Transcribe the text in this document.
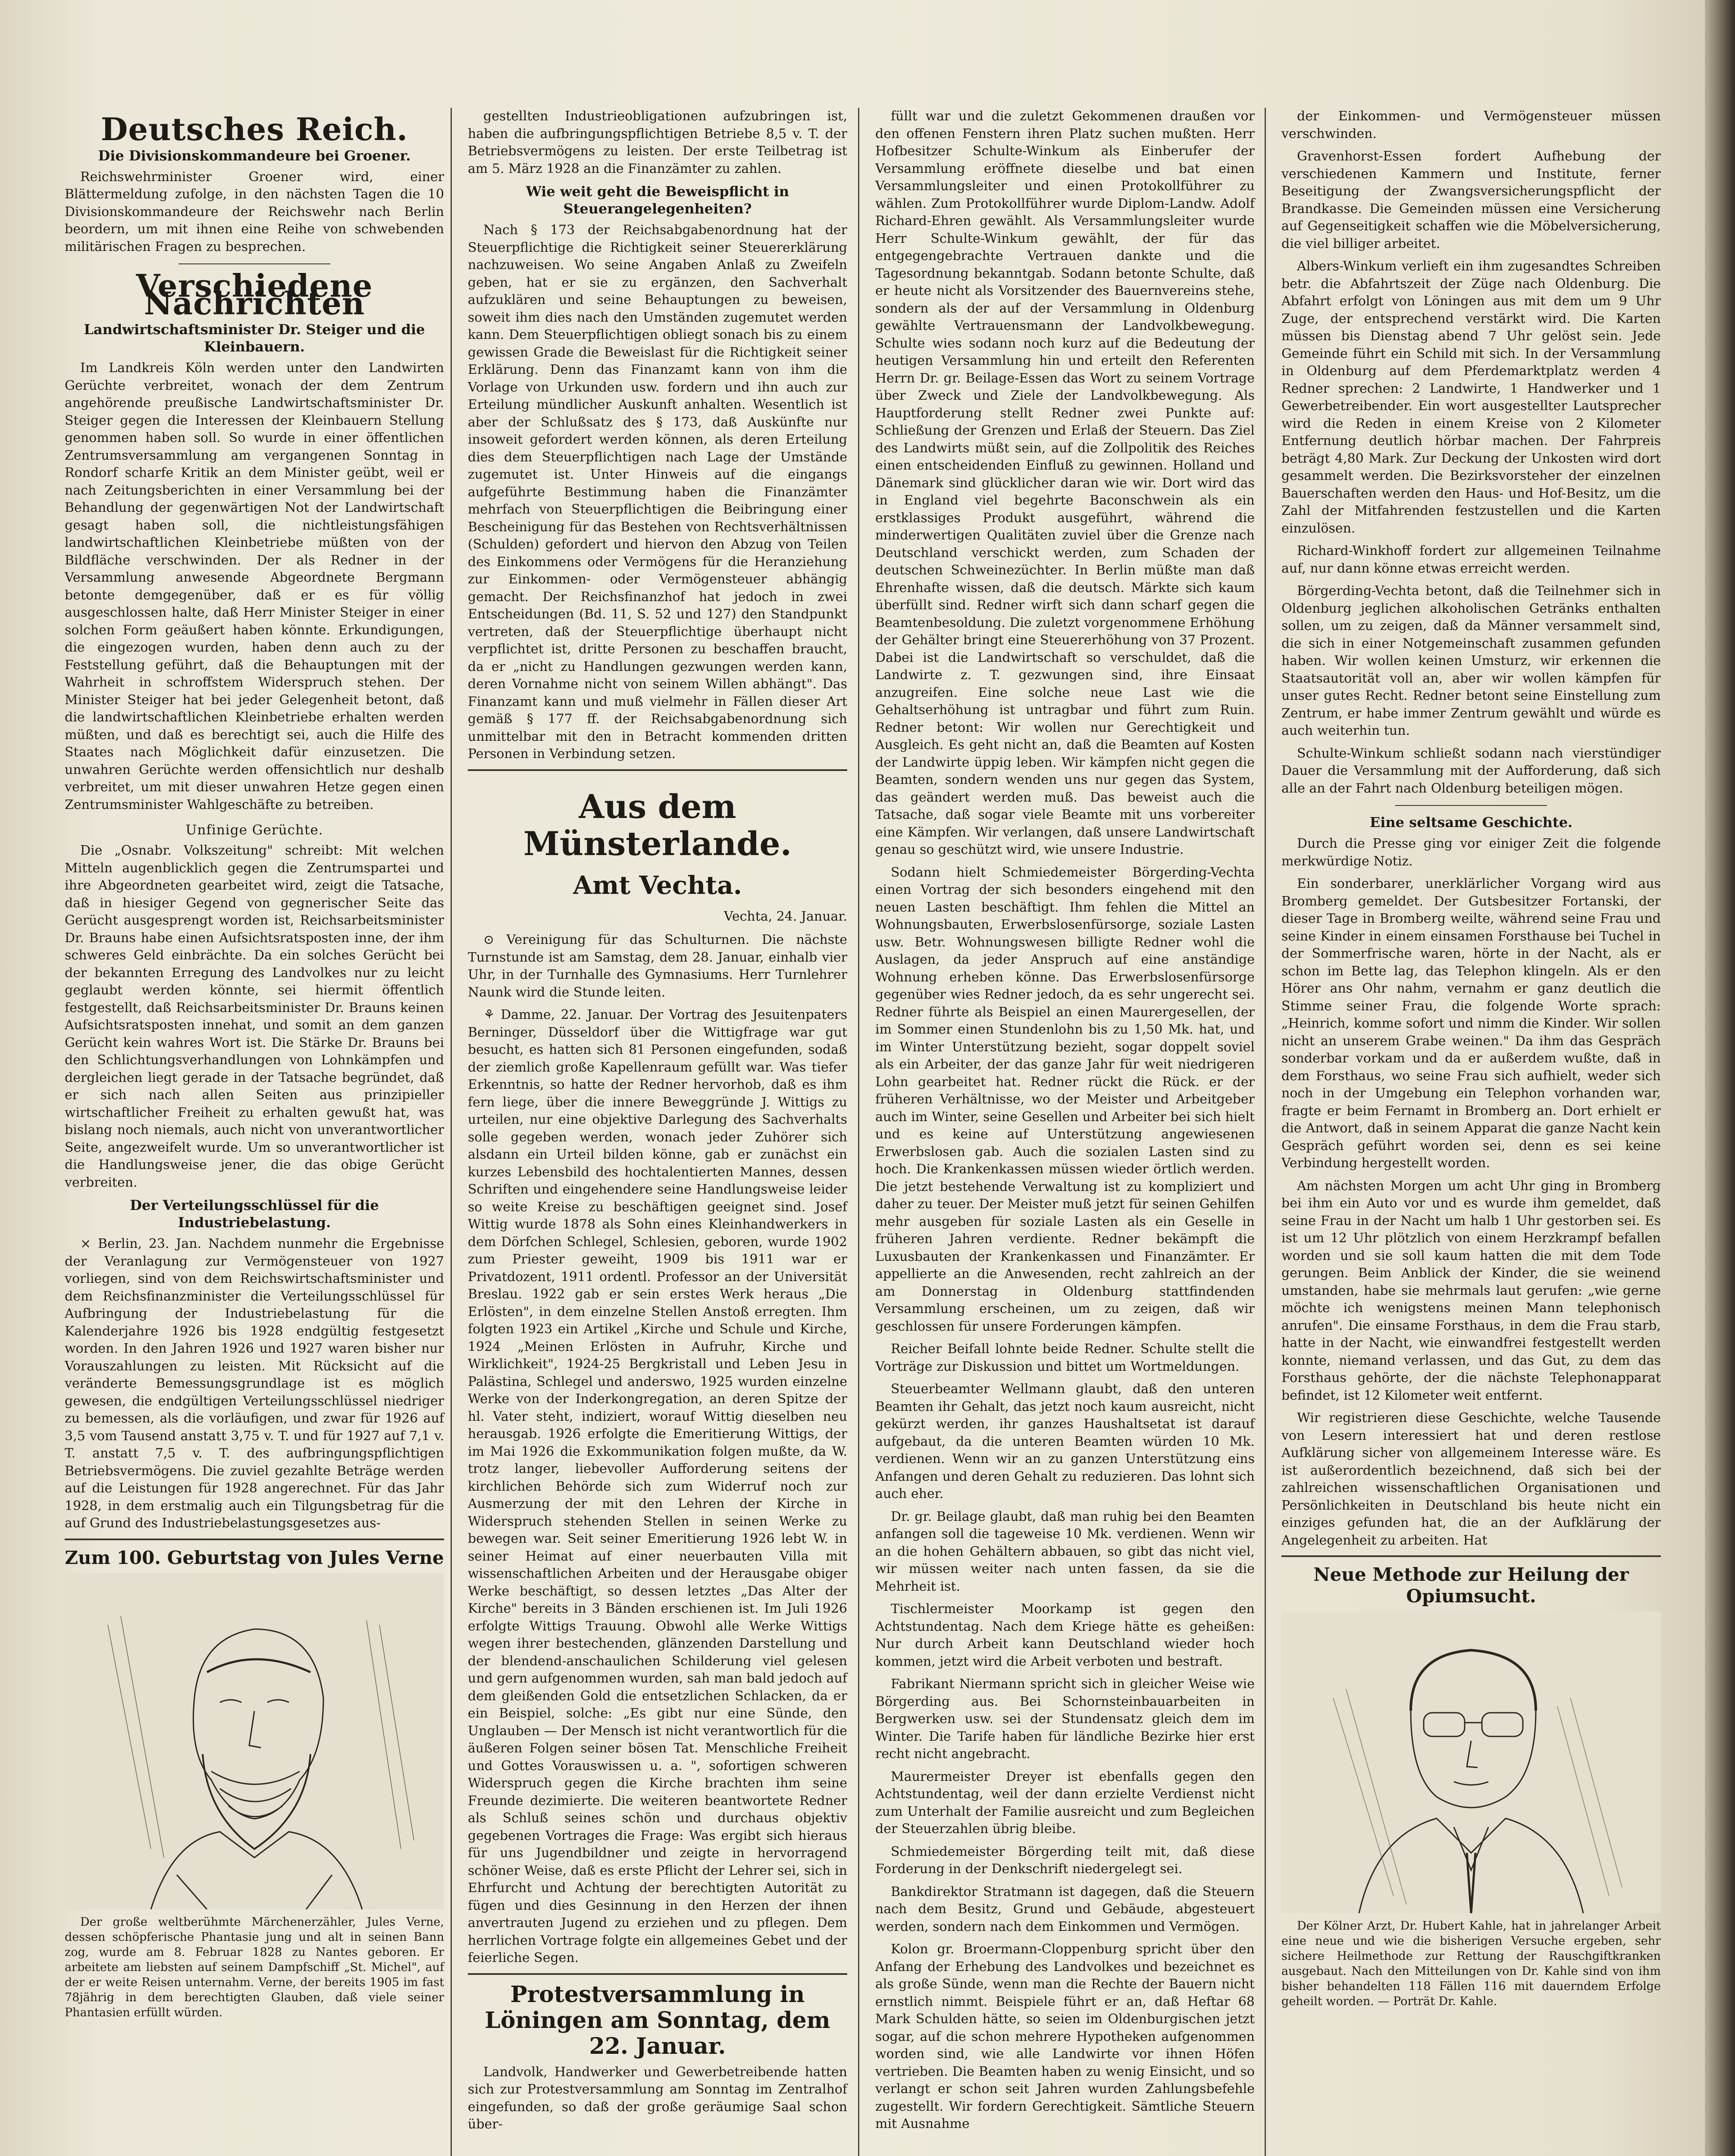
Deutsches Reich.
Die Divisionskommandeure bei Groener.

Reichswehrminister Groener wird, einer Blättermeldung zufolge, in den nächsten Tagen die 10 Divisionskommandeure der Reichswehr nach Berlin beordern, um mit ihnen eine Reihe von schwebenden militärischen Fragen zu besprechen.

Verschiedene Nachrichten
Landwirtschaftsminister Dr. Steiger und die Kleinbauern.

Im Landkreis Köln werden unter den Landwirten Gerüchte verbreitet, wonach der dem Zentrum angehörende preußische Landwirtschaftsminister Dr. Steiger gegen die Interessen der Kleinbauern Stellung genommen haben soll. So wurde in einer öffentlichen Zentrumsversammlung am vergangenen Sonntag in Rondorf scharfe Kritik an dem Minister geübt, weil er nach Zeitungsberichten in einer Versammlung bei der Behandlung der gegenwärtigen Not der Landwirtschaft gesagt haben soll, die nichtleistungsfähigen landwirtschaftlichen Kleinbetriebe müßten von der Bildfläche verschwinden. Der als Redner in der Versammlung anwesende Abgeordnete Bergmann betonte demgegenüber, daß er es für völlig ausgeschlossen halte, daß Herr Minister Steiger in einer solchen Form geäußert haben könnte. Erkundigungen, die eingezogen wurden, haben denn auch zu der Feststellung geführt, daß die Behauptungen mit der Wahrheit in schroffstem Widerspruch stehen. Der Minister Steiger hat bei jeder Gelegenheit betont, daß die landwirtschaftlichen Kleinbetriebe erhalten werden müßten, und daß es berechtigt sei, auch die Hilfe des Staates nach Möglichkeit dafür einzusetzen. Die unwahren Gerüchte werden offensichtlich nur deshalb verbreitet, um mit dieser unwahren Hetze gegen einen Zentrumsminister Wahlgeschäfte zu betreiben.

Unfinige Gerüchte.

Die „Osnabr. Volkszeitung" schreibt: Mit welchen Mitteln augenblicklich gegen die Zentrumspartei und ihre Abgeordneten gearbeitet wird, zeigt die Tatsache, daß in hiesiger Gegend von gegnerischer Seite das Gerücht ausgesprengt worden ist, Reichsarbeitsminister Dr. Brauns habe einen Aufsichtsratsposten inne, der ihm schweres Geld einbrächte. Da ein solches Gerücht bei der bekannten Erregung des Landvolkes nur zu leicht geglaubt werden könnte, sei hiermit öffentlich festgestellt, daß Reichsarbeitsminister Dr. Brauns keinen Aufsichtsratsposten innehat, und somit an dem ganzen Gerücht kein wahres Wort ist. Die Stärke Dr. Brauns bei den Schlichtungsverhandlungen von Lohnkämpfen und dergleichen liegt gerade in der Tatsache begründet, daß er sich nach allen Seiten aus prinzipieller wirtschaftlicher Freiheit zu erhalten gewußt hat, was bislang noch niemals, auch nicht von unverantwortlicher Seite, angezweifelt wurde. Um so unverantwortlicher ist die Handlungsweise jener, die das obige Gerücht verbreiten.

Der Verteilungsschlüssel für die Industriebelastung.

× Berlin, 23. Jan. Nachdem nunmehr die Ergebnisse der Veranlagung zur Vermögensteuer von 1927 vorliegen, sind von dem Reichswirtschaftsminister und dem Reichsfinanzminister die Verteilungsschlüssel für Aufbringung der Industriebelastung für die Kalenderjahre 1926 bis 1928 endgültig festgesetzt worden. In den Jahren 1926 und 1927 waren bisher nur Vorauszahlungen zu leisten. Mit Rücksicht auf die veränderte Bemessungsgrundlage ist es möglich gewesen, die endgültigen Verteilungsschlüssel niedriger zu bemessen, als die vorläufigen, und zwar für 1926 auf 3,5 vom Tausend anstatt 3,75 v. T. und für 1927 auf 7,1 v. T. anstatt 7,5 v. T. des aufbringungspflichtigen Betriebsvermögens. Die zuviel gezahlte Beträge werden auf die Leistungen für 1928 angerechnet. Für das Jahr 1928, in dem erstmalig auch ein Tilgungsbetrag für die auf Grund des Industriebelastungsgesetzes aus-

Zum 100. Geburtstag von Jules Verne

Der große weltberühmte Märchenerzähler, Jules Verne, dessen schöpferische Phantasie jung und alt in seinen Bann zog, wurde am 8. Februar 1828 zu Nantes geboren. Er arbeitete am liebsten auf seinem Dampfschiff „St. Michel", auf der er weite Reisen unternahm. Verne, der bereits 1905 im fast 78jährig in dem berechtigten Glauben, daß viele seiner Phantasien erfüllt würden.

gestellten Industrieobligationen aufzubringen ist, haben die aufbringungspflichtigen Betriebe 8,5 v. T. der Betriebsvermögens zu leisten. Der erste Teilbetrag ist am 5. März 1928 an die Finanzämter zu zahlen.

Wie weit geht die Beweispflicht in Steuerangelegenheiten?

Nach § 173 der Reichsabgabenordnung hat der Steuerpflichtige die Richtigkeit seiner Steuererklärung nachzuweisen. Wo seine Angaben Anlaß zu Zweifeln geben, hat er sie zu ergänzen, den Sachverhalt aufzuklären und seine Behauptungen zu beweisen, soweit ihm dies nach den Umständen zugemutet werden kann. Dem Steuerpflichtigen obliegt sonach bis zu einem gewissen Grade die Beweislast für die Richtigkeit seiner Erklärung. Denn das Finanzamt kann von ihm die Vorlage von Urkunden usw. fordern und ihn auch zur Erteilung mündlicher Auskunft anhalten. Wesentlich ist aber der Schlußsatz des § 173, daß Auskünfte nur insoweit gefordert werden können, als deren Erteilung dies dem Steuerpflichtigen nach Lage der Umstände zugemutet ist. Unter Hinweis auf die eingangs aufgeführte Bestimmung haben die Finanzämter mehrfach von Steuerpflichtigen die Beibringung einer Bescheinigung für das Bestehen von Rechtsverhältnissen (Schulden) gefordert und hiervon den Abzug von Teilen des Einkommens oder Vermögens für die Heranziehung zur Einkommen- oder Vermögensteuer abhängig gemacht. Der Reichsfinanzhof hat jedoch in zwei Entscheidungen (Bd. 11, S. 52 und 127) den Standpunkt vertreten, daß der Steuerpflichtige überhaupt nicht verpflichtet ist, dritte Personen zu beschaffen braucht, da er „nicht zu Handlungen gezwungen werden kann, deren Vornahme nicht von seinem Willen abhängt". Das Finanzamt kann und muß vielmehr in Fällen dieser Art gemäß § 177 ff. der Reichsabgabenordnung sich unmittelbar mit den in Betracht kommenden dritten Personen in Verbindung setzen.

Aus dem Münsterlande.
Amt Vechta.
Vechta, 24. Januar.

⊙ Vereinigung für das Schulturnen. Die nächste Turnstunde ist am Samstag, dem 28. Januar, einhalb vier Uhr, in der Turnhalle des Gymnasiums. Herr Turnlehrer Naunk wird die Stunde leiten.

⚘ Damme, 22. Januar. Der Vortrag des Jesuitenpaters Berninger, Düsseldorf über die Wittigfrage war gut besucht, es hatten sich 81 Personen eingefunden, sodaß der ziemlich große Kapellenraum gefüllt war. Was tiefer Erkenntnis, so hatte der Redner hervorhob, daß es ihm fern liege, über die innere Beweggründe J. Wittigs zu urteilen, nur eine objektive Darlegung des Sachverhalts solle gegeben werden, wonach jeder Zuhörer sich alsdann ein Urteil bilden könne, gab er zunächst ein kurzes Lebensbild des hochtalentierten Mannes, dessen Schriften und eingehendere seine Handlungsweise leider so weite Kreise zu beschäftigen geeignet sind. Josef Wittig wurde 1878 als Sohn eines Kleinhandwerkers in dem Dörfchen Schlegel, Schlesien, geboren, wurde 1902 zum Priester geweiht, 1909 bis 1911 war er Privatdozent, 1911 ordentl. Professor an der Universität Breslau. 1922 gab er sein erstes Werk heraus „Die Erlösten", in dem einzelne Stellen Anstoß erregten. Ihm folgten 1923 ein Artikel „Kirche und Schule und Kirche, 1924 „Meinen Erlösten in Aufruhr, Kirche und Wirklichkeit", 1924-25 Bergkristall und Leben Jesu in Palästina, Schlegel und anderswo, 1925 wurden einzelne Werke von der Inderkongregation, an deren Spitze der hl. Vater steht, indiziert, worauf Wittig dieselben neu herausgab. 1926 erfolgte die Emeritierung Wittigs, der im Mai 1926 die Exkommunikation folgen mußte, da W. trotz langer, liebevoller Aufforderung seitens der kirchlichen Behörde sich zum Widerruf noch zur Ausmerzung der mit den Lehren der Kirche in Widerspruch stehenden Stellen in seinen Werke zu bewegen war. Seit seiner Emeritierung 1926 lebt W. in seiner Heimat auf einer neuerbauten Villa mit wissenschaftlichen Arbeiten und der Herausgabe obiger Werke beschäftigt, so dessen letztes „Das Alter der Kirche" bereits in 3 Bänden erschienen ist. Im Juli 1926 erfolgte Wittigs Trauung. Obwohl alle Werke Wittigs wegen ihrer bestechenden, glänzenden Darstellung und der blendend-anschaulichen Schilderung viel gelesen und gern aufgenommen wurden, sah man bald jedoch auf dem gleißenden Gold die entsetzlichen Schlacken, da er ein Beispiel, solche: „Es gibt nur eine Sünde, den Unglauben — Der Mensch ist nicht verantwortlich für die äußeren Folgen seiner bösen Tat. Menschliche Freiheit und Gottes Vorauswissen u. a. ", sofortigen schweren Widerspruch gegen die Kirche brachten ihm seine Freunde dezimierte. Die weiteren beantwortete Redner als Schluß seines schön und durchaus objektiv gegebenen Vortrages die Frage: Was ergibt sich hieraus für uns Jugendbildner und zeigte in hervorragend schöner Weise, daß es erste Pflicht der Lehrer sei, sich in Ehrfurcht und Achtung der berechtigten Autorität zu fügen und dies Gesinnung in den Herzen der ihnen anvertrauten Jugend zu erziehen und zu pflegen. Dem herrlichen Vortrage folgte ein allgemeines Gebet und der feierliche Segen.

Protestversammlung in Löningen am Sonntag, dem 22. Januar.

Landvolk, Handwerker und Gewerbetreibende hatten sich zur Protestversammlung am Sonntag im Zentralhof eingefunden, so daß der große geräumige Saal schon über-

füllt war und die zuletzt Gekommenen draußen vor den offenen Fenstern ihren Platz suchen mußten. Herr Hofbesitzer Schulte-Winkum als Einberufer der Versammlung eröffnete dieselbe und bat einen Versammlungsleiter und einen Protokollführer zu wählen. Zum Protokollführer wurde Diplom-Landw. Adolf Richard-Ehren gewählt. Als Versammlungsleiter wurde Herr Schulte-Winkum gewählt, der für das entgegengebrachte Vertrauen dankte und die Tagesordnung bekanntgab. Sodann betonte Schulte, daß er heute nicht als Vorsitzender des Bauernvereins stehe, sondern als der auf der Versammlung in Oldenburg gewählte Vertrauensmann der Landvolkbewegung. Schulte wies sodann noch kurz auf die Bedeutung der heutigen Versammlung hin und erteilt den Referenten Herrn Dr. gr. Beilage-Essen das Wort zu seinem Vortrage über Zweck und Ziele der Landvolkbewegung. Als Hauptforderung stellt Redner zwei Punkte auf: Schließung der Grenzen und Erlaß der Steuern. Das Ziel des Landwirts müßt sein, auf die Zollpolitik des Reiches einen entscheidenden Einfluß zu gewinnen. Holland und Dänemark sind glücklicher daran wie wir. Dort wird das in England viel begehrte Baconschwein als ein erstklassiges Produkt ausgeführt, während die minderwertigen Qualitäten zuviel über die Grenze nach Deutschland verschickt werden, zum Schaden der deutschen Schweinezüchter. In Berlin müßte man daß Ehrenhafte wissen, daß die deutsch. Märkte sich kaum überfüllt sind. Redner wirft sich dann scharf gegen die Beamtenbesoldung. Die zuletzt vorgenommene Erhöhung der Gehälter bringt eine Steuererhöhung von 37 Prozent. Dabei ist die Landwirtschaft so verschuldet, daß die Landwirte z. T. gezwungen sind, ihre Einsaat anzugreifen. Eine solche neue Last wie die Gehaltserhöhung ist untragbar und führt zum Ruin. Redner betont: Wir wollen nur Gerechtigkeit und Ausgleich. Es geht nicht an, daß die Beamten auf Kosten der Landwirte üppig leben. Wir kämpfen nicht gegen die Beamten, sondern wenden uns nur gegen das System, das geändert werden muß. Das beweist auch die Tatsache, daß sogar viele Beamte mit uns vorbereiter eine Kämpfen. Wir verlangen, daß unsere Landwirtschaft genau so geschützt wird, wie unsere Industrie.

Sodann hielt Schmiedemeister Börgerding-Vechta einen Vortrag der sich besonders eingehend mit den neuen Lasten beschäftigt. Ihm fehlen die Mittel an Wohnungsbauten, Erwerbslosenfürsorge, soziale Lasten usw. Betr. Wohnungswesen billigte Redner wohl die Auslagen, da jeder Anspruch auf eine anständige Wohnung erheben könne. Das Erwerbslosenfürsorge gegenüber wies Redner jedoch, da es sehr ungerecht sei. Redner führte als Beispiel an einen Maurergesellen, der im Sommer einen Stundenlohn bis zu 1,50 Mk. hat, und im Winter Unterstützung bezieht, sogar doppelt soviel als ein Arbeiter, der das ganze Jahr für weit niedrigeren Lohn gearbeitet hat. Redner rückt die Rück. er der früheren Verhältnisse, wo der Meister und Arbeitgeber auch im Winter, seine Gesellen und Arbeiter bei sich hielt und es keine auf Unterstützung angewiesenen Erwerbslosen gab. Auch die sozialen Lasten sind zu hoch. Die Krankenkassen müssen wieder örtlich werden. Die jetzt bestehende Verwaltung ist zu kompliziert und daher zu teuer. Der Meister muß jetzt für seinen Gehilfen mehr ausgeben für soziale Lasten als ein Geselle in früheren Jahren verdiente. Redner bekämpft die Luxusbauten der Krankenkassen und Finanzämter. Er appellierte an die Anwesenden, recht zahlreich an der am Donnerstag in Oldenburg stattfindenden Versammlung erscheinen, um zu zeigen, daß wir geschlossen für unsere Forderungen kämpfen.

Reicher Beifall lohnte beide Redner. Schulte stellt die Vorträge zur Diskussion und bittet um Wortmeldungen.

Steuerbeamter Wellmann glaubt, daß den unteren Beamten ihr Gehalt, das jetzt noch kaum ausreicht, nicht gekürzt werden, ihr ganzes Haushaltsetat ist darauf aufgebaut, da die unteren Beamten würden 10 Mk. verdienen. Wenn wir an zu ganzen Unterstützung eins Anfangen und deren Gehalt zu reduzieren. Das lohnt sich auch eher.

Dr. gr. Beilage glaubt, daß man ruhig bei den Beamten anfangen soll die tageweise 10 Mk. verdienen. Wenn wir an die hohen Gehältern abbauen, so gibt das nicht viel, wir müssen weiter nach unten fassen, da sie die Mehrheit ist.

Tischlermeister Moorkamp ist gegen den Achtstundentag. Nach dem Kriege hätte es geheißen: Nur durch Arbeit kann Deutschland wieder hoch kommen, jetzt wird die Arbeit verboten und bestraft.

Fabrikant Niermann spricht sich in gleicher Weise wie Börgerding aus. Bei Schornsteinbauarbeiten in Bergwerken usw. sei der Stundensatz gleich dem im Winter. Die Tarife haben für ländliche Bezirke hier erst recht nicht angebracht.

Maurermeister Dreyer ist ebenfalls gegen den Achtstundentag, weil der dann erzielte Verdienst nicht zum Unterhalt der Familie ausreicht und zum Begleichen der Steuerzahlen übrig bleibe.

Schmiedemeister Börgerding teilt mit, daß diese Forderung in der Denkschrift niedergelegt sei.

Bankdirektor Stratmann ist dagegen, daß die Steuern nach dem Besitz, Grund und Gebäude, abgesteuert werden, sondern nach dem Einkommen und Vermögen.

Kolon gr. Broermann-Cloppenburg spricht über den Anfang der Erhebung des Landvolkes und bezeichnet es als große Sünde, wenn man die Rechte der Bauern nicht ernstlich nimmt. Beispiele führt er an, daß Heftar 68 Mark Schulden hätte, so seien im Oldenburgischen jetzt sogar, auf die schon mehrere Hypotheken aufgenommen worden sind, wie alle Landwirte vor ihnen Höfen vertrieben. Die Beamten haben zu wenig Einsicht, und so verlangt er schon seit Jahren wurden Zahlungsbefehle zugestellt. Wir fordern Gerechtigkeit. Sämtliche Steuern mit Ausnahme

der Einkommen- und Vermögensteuer müssen verschwinden.

Gravenhorst-Essen fordert Aufhebung der verschiedenen Kammern und Institute, ferner Beseitigung der Zwangsversicherungspflicht der Brandkasse. Die Gemeinden müssen eine Versicherung auf Gegenseitigkeit schaffen wie die Möbelversicherung, die viel billiger arbeitet.

Albers-Winkum verlieft ein ihm zugesandtes Schreiben betr. die Abfahrtszeit der Züge nach Oldenburg. Die Abfahrt erfolgt von Löningen aus mit dem um 9 Uhr Zuge, der entsprechend verstärkt wird. Die Karten müssen bis Dienstag abend 7 Uhr gelöst sein. Jede Gemeinde führt ein Schild mit sich. In der Versammlung in Oldenburg auf dem Pferdemarktplatz werden 4 Redner sprechen: 2 Landwirte, 1 Handwerker und 1 Gewerbetreibender. Ein wort ausgestellter Lautsprecher wird die Reden in einem Kreise von 2 Kilometer Entfernung deutlich hörbar machen. Der Fahrpreis beträgt 4,80 Mark. Zur Deckung der Unkosten wird dort gesammelt werden. Die Bezirksvorsteher der einzelnen Bauerschaften werden den Haus- und Hof-Besitz, um die Zahl der Mitfahrenden festzustellen und die Karten einzulösen.

Richard-Winkhoff fordert zur allgemeinen Teilnahme auf, nur dann könne etwas erreicht werden.

Börgerding-Vechta betont, daß die Teilnehmer sich in Oldenburg jeglichen alkoholischen Getränks enthalten sollen, um zu zeigen, daß da Männer versammelt sind, die sich in einer Notgemeinschaft zusammen gefunden haben. Wir wollen keinen Umsturz, wir erkennen die Staatsautorität voll an, aber wir wollen kämpfen für unser gutes Recht. Redner betont seine Einstellung zum Zentrum, er habe immer Zentrum gewählt und würde es auch weiterhin tun.

Schulte-Winkum schließt sodann nach vierstündiger Dauer die Versammlung mit der Aufforderung, daß sich alle an der Fahrt nach Oldenburg beteiligen mögen.

Eine seltsame Geschichte.

Durch die Presse ging vor einiger Zeit die folgende merkwürdige Notiz.

Ein sonderbarer, unerklärlicher Vorgang wird aus Bromberg gemeldet. Der Gutsbesitzer Fortanski, der dieser Tage in Bromberg weilte, während seine Frau und seine Kinder in einem einsamen Forsthause bei Tuchel in der Sommerfrische waren, hörte in der Nacht, als er schon im Bette lag, das Telephon klingeln. Als er den Hörer ans Ohr nahm, vernahm er ganz deutlich die Stimme seiner Frau, die folgende Worte sprach: „Heinrich, komme sofort und nimm die Kinder. Wir sollen nicht an unserem Grabe weinen." Da ihm das Gespräch sonderbar vorkam und da er außerdem wußte, daß in dem Forsthaus, wo seine Frau sich aufhielt, weder sich noch in der Umgebung ein Telephon vorhanden war, fragte er beim Fernamt in Bromberg an. Dort erhielt er die Antwort, daß in seinem Apparat die ganze Nacht kein Gespräch geführt worden sei, denn es sei keine Verbindung hergestellt worden.

Am nächsten Morgen um acht Uhr ging in Bromberg bei ihm ein Auto vor und es wurde ihm gemeldet, daß seine Frau in der Nacht um halb 1 Uhr gestorben sei. Es ist um 12 Uhr plötzlich von einem Herzkrampf befallen worden und sie soll kaum hatten die mit dem Tode gerungen. Beim Anblick der Kinder, die sie weinend umstanden, habe sie mehrmals laut gerufen: „wie gerne möchte ich wenigstens meinen Mann telephonisch anrufen". Die einsame Forsthaus, in dem die Frau starb, hatte in der Nacht, wie einwandfrei festgestellt werden konnte, niemand verlassen, und das Gut, zu dem das Forsthaus gehörte, der die nächste Telephonapparat befindet, ist 12 Kilometer weit entfernt.

Wir registrieren diese Geschichte, welche Tausende von Lesern interessiert hat und deren restlose Aufklärung sicher von allgemeinem Interesse wäre. Es ist außerordentlich bezeichnend, daß sich bei der zahlreichen wissenschaftlichen Organisationen und Persönlichkeiten in Deutschland bis heute nicht ein einziges gefunden hat, die an der Aufklärung der Angelegenheit zu arbeiten. Hat

Neue Methode zur Heilung der Opiumsucht.

Der Kölner Arzt, Dr. Hubert Kahle, hat in jahrelanger Arbeit eine neue und wie die bisherigen Versuche ergeben, sehr sichere Heilmethode zur Rettung der Rauschgiftkranken ausgebaut. Nach den Mitteilungen von Dr. Kahle sind von ihm bisher behandelten 118 Fällen 116 mit dauerndem Erfolge geheilt worden. — Porträt Dr. Kahle.
